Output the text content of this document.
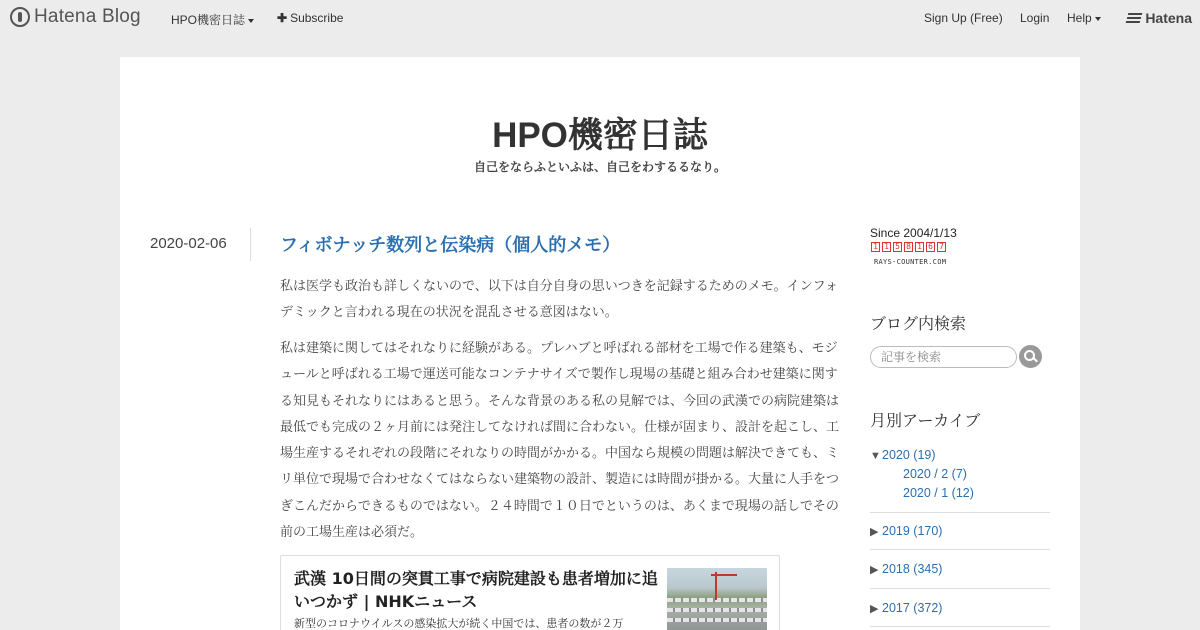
Hatena Blog	HPO機密日誌	✚ Subscribe	Sign Up (Free) Login Help	Hatena
HPO機密日誌
自己をならふといふは、自己をわするるなり。
2020-02-06	フィボナッチ数列と伝染病（個人的メモ）

私は医学も政治も詳しくないので、以下は自分自身の思いつきを記録するためのメモ。インフォデミックと言われる現在の状況を混乱させる意図はない。

私は建築に関してはそれなりに経験がある。プレハブと呼ばれる部材を工場で作る建築も、モジュールと呼ばれる工場で運送可能なコンテナサイズで製作し現場の基礎と組み合わせ建築に関する知見もそれなりにはあると思う。そんな背景のある私の見解では、今回の武漢での病院建築は最低でも完成の２ヶ月前には発注してなければ間に合わない。仕様が固まり、設計を起こし、工場生産するそれぞれの段階にそれなりの時間がかかる。中国なら規模の問題は解決できても、ミリ単位で現場で合わせなくてはならない建築物の設計、製造には時間が掛かる。大量に人手をつぎこんだからできるものではない。２４時間で１０日でというのは、あくまで現場の話しでその前の工場生産は必須だ。

武漢 10日間の突貫工事で病院建設も患者増加に追いつかず | NHKニュース
新型のコロナウイルスの感染拡大が続く中国では、患者の数が２万
Since 2004/1/13
1 1 5 8 1 6 7
RAYS-COUNTER.COM
ブログ内検索
記事を検索
月別アーカイブ
▼2020 (19)
2020 / 2 (7)
2020 / 1 (12)
▶ 2019 (170)
▶ 2018 (345)
▶ 2017 (372)
